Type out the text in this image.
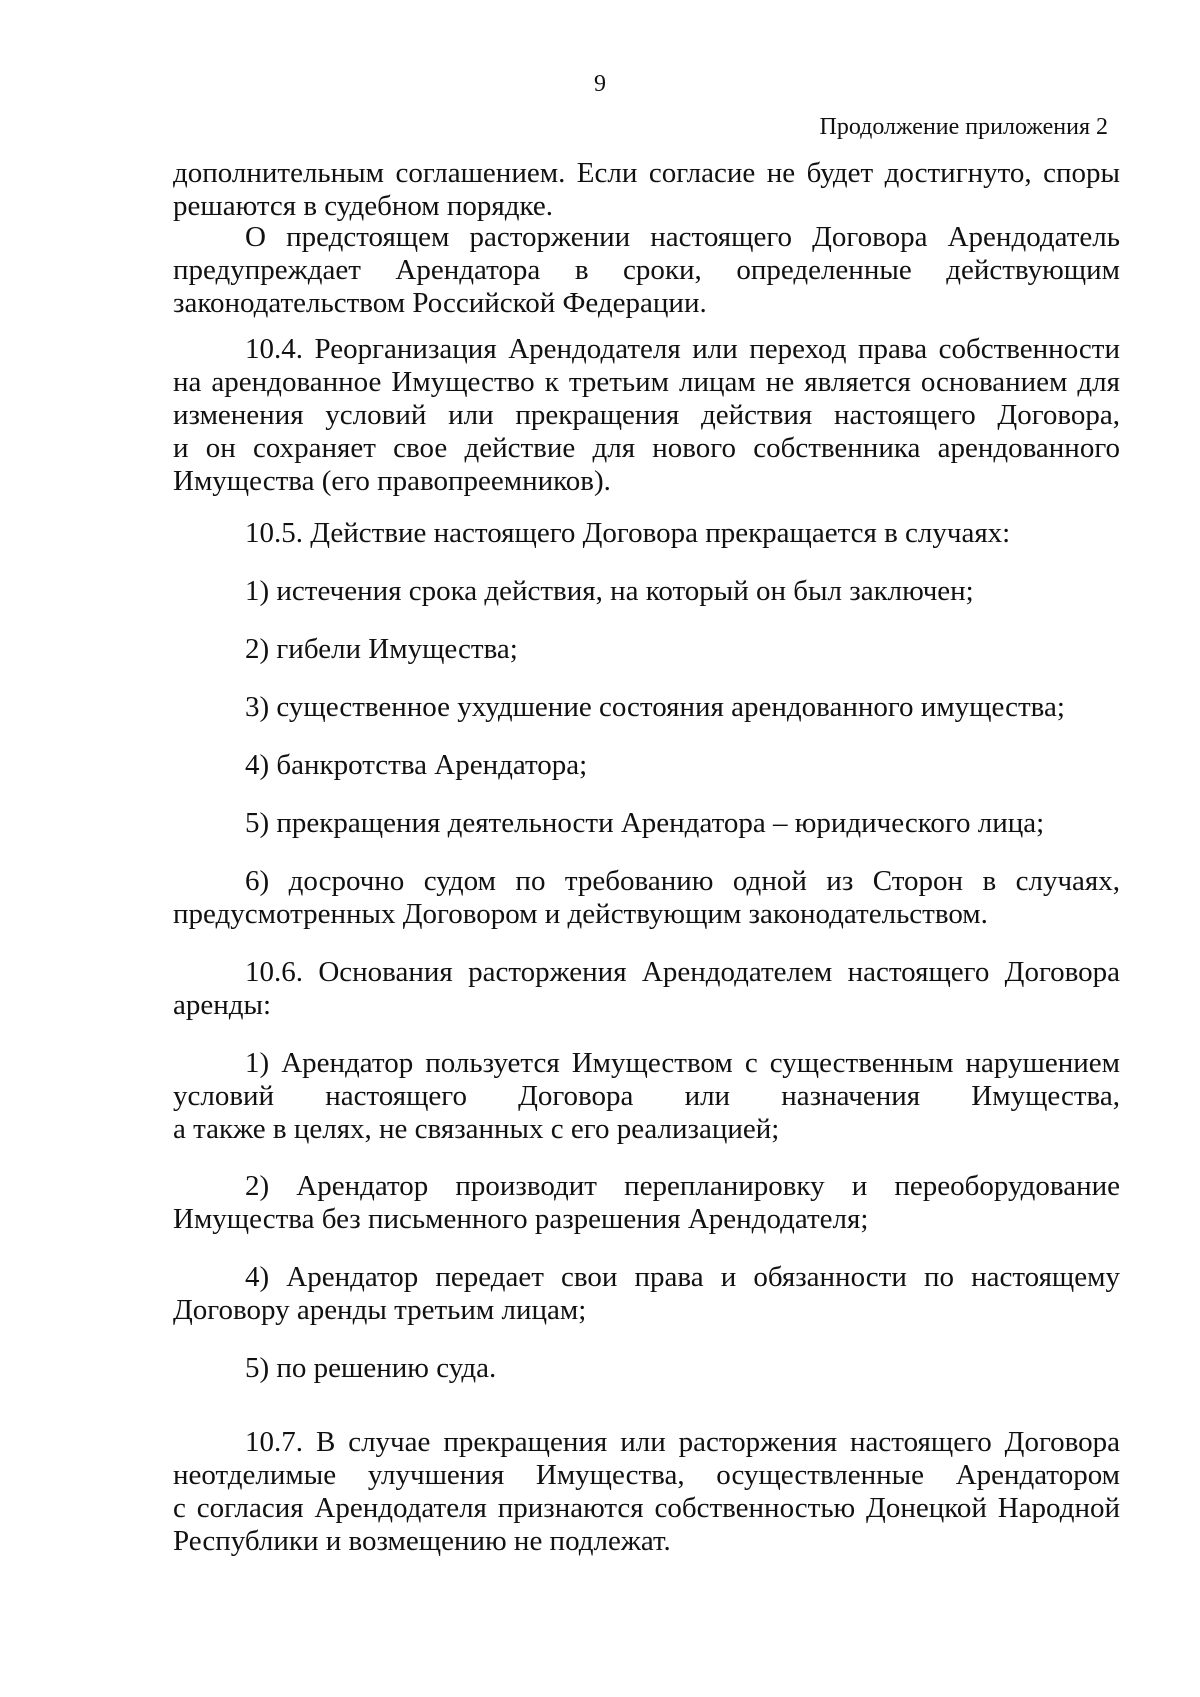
9
Продолжение приложения 2
дополнительным соглашением. Если согласие не будет достигнуто, споры
решаются в судебном порядке.
О предстоящем расторжении настоящего Договора Арендодатель
предупреждает Арендатора в сроки, определенные действующим
законодательством Российской Федерации.
10.4. Реорганизация Арендодателя или переход права собственности
на арендованное Имущество к третьим лицам не является основанием для
изменения условий или прекращения действия настоящего Договора,
и он сохраняет свое действие для нового собственника арендованного
Имущества (его правопреемников).
10.5. Действие настоящего Договора прекращается в случаях:
1) истечения срока действия, на который он был заключен;
2) гибели Имущества;
3) существенное ухудшение состояния арендованного имущества;
4) банкротства Арендатора;
5) прекращения деятельности Арендатора – юридического лица;
6) досрочно судом по требованию одной из Сторон в случаях,
предусмотренных Договором и действующим законодательством.
10.6. Основания расторжения Арендодателем настоящего Договора
аренды:
1) Арендатор пользуется Имуществом с существенным нарушением
условий настоящего Договора или назначения Имущества,
а также в целях, не связанных с его реализацией;
2) Арендатор производит перепланировку и переоборудование
Имущества без письменного разрешения Арендодателя;
4) Арендатор передает свои права и обязанности по настоящему
Договору аренды третьим лицам;
5) по решению суда.
10.7. В случае прекращения или расторжения настоящего Договора
неотделимые улучшения Имущества, осуществленные Арендатором
с согласия Арендодателя признаются собственностью Донецкой Народной
Республики и возмещению не подлежат.
